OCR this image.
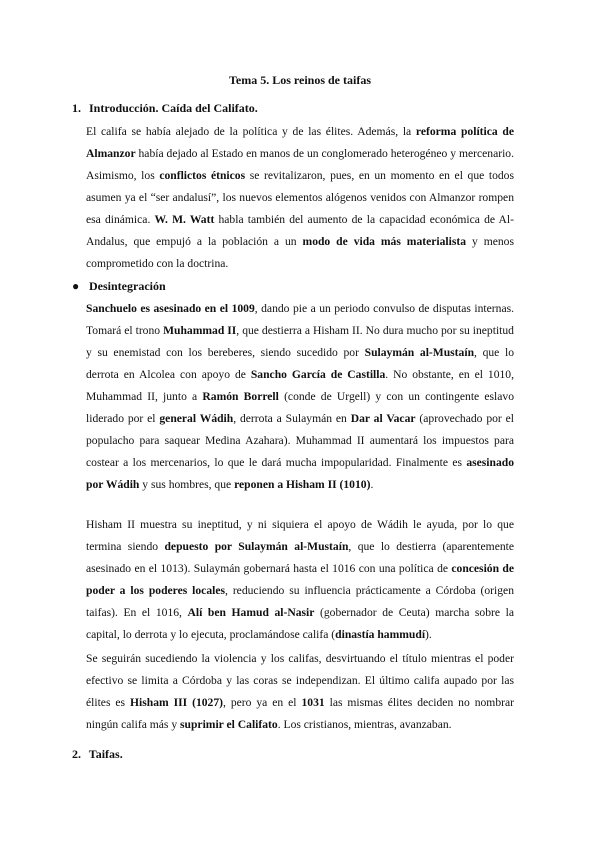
Tema 5. Los reinos de taifas
1. Introducción. Caída del Califato.

El califa se había alejado de la política y de las élites. Además, la reforma política de Almanzor había dejado al Estado en manos de un conglomerado heterogéneo y mercenario. Asimismo, los conflictos étnicos se revitalizaron, pues, en un momento en el que todos asumen ya el “ser andalusí”, los nuevos elementos alógenos venidos con Almanzor rompen esa dinámica. W. M. Watt habla también del aumento de la capacidad económica de Al-Andalus, que empujó a la población a un modo de vida más materialista y menos comprometido con la doctrina.

● Desintegración

Sanchuelo es asesinado en el 1009, dando pie a un periodo convulso de disputas internas. Tomará el trono Muhammad II, que destierra a Hisham II. No dura mucho por su ineptitud y su enemistad con los bereberes, siendo sucedido por Sulaymán al-Mustaín, que lo derrota en Alcolea con apoyo de Sancho García de Castilla. No obstante, en el 1010, Muhammad II, junto a Ramón Borrell (conde de Urgell) y con un contingente eslavo liderado por el general Wádih, derrota a Sulaymán en Dar al Vacar (aprovechado por el populacho para saquear Medina Azahara). Muhammad II aumentará los impuestos para costear a los mercenarios, lo que le dará mucha impopularidad. Finalmente es asesinado por Wádih y sus hombres, que reponen a Hisham II (1010).

Hisham II muestra su ineptitud, y ni siquiera el apoyo de Wádih le ayuda, por lo que termina siendo depuesto por Sulaymán al-Mustaín, que lo destierra (aparentemente asesinado en el 1013). Sulaymán gobernará hasta el 1016 con una política de concesión de poder a los poderes locales, reduciendo su influencia prácticamente a Córdoba (origen taifas). En el 1016, Alí ben Hamud al-Nasir (gobernador de Ceuta) marcha sobre la capital, lo derrota y lo ejecuta, proclamándose califa (dinastía hammudí).

Se seguirán sucediendo la violencia y los califas, desvirtuando el título mientras el poder efectivo se limita a Córdoba y las coras se independizan. El último califa aupado por las élites es Hisham III (1027), pero ya en el 1031 las mismas élites deciden no nombrar ningún califa más y suprimir el Califato. Los cristianos, mientras, avanzaban.

2. Taifas.
